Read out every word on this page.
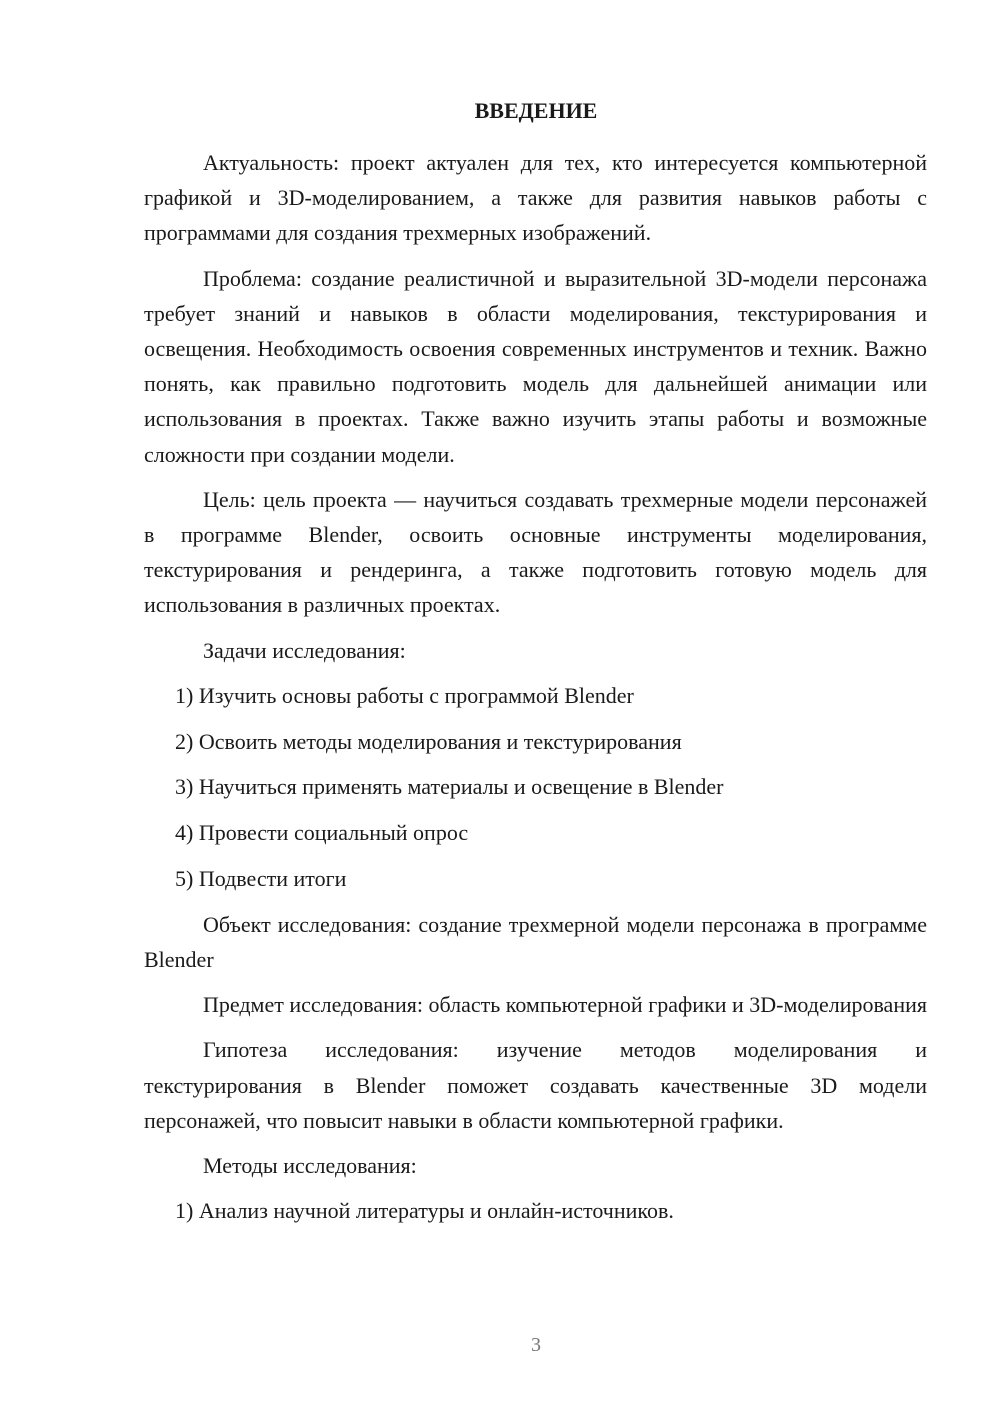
ВВЕДЕНИЕ

Актуальность: проект актуален для тех, кто интересуется компьютерной графикой и 3D-моделированием, а также для развития навыков работы с программами для создания трехмерных изображений.

Проблема: создание реалистичной и выразительной 3D-модели персонажа требует знаний и навыков в области моделирования, текстурирования и освещения. Необходимость освоения современных инструментов и техник. Важно понять, как правильно подготовить модель для дальнейшей анимации или использования в проектах. Также важно изучить этапы работы и возможные сложности при создании модели.

Цель: цель проекта — научиться создавать трехмерные модели персонажей в программе Blender, освоить основные инструменты моделирования, текстурирования и рендеринга, а также подготовить готовую модель для использования в различных проектах.

Задачи исследования:

1) Изучить основы работы с программой Blender
2) Освоить методы моделирования и текстурирования
3) Научиться применять материалы и освещение в Blender
4) Провести социальный опрос
5) Подвести итоги

Объект исследования: создание трехмерной модели персонажа в программе Blender

Предмет исследования: область компьютерной графики и 3D-моделирования

Гипотеза исследования: изучение методов моделирования и текстурирования в Blender поможет создавать качественные 3D модели персонажей, что повысит навыки в области компьютерной графики.

Методы исследования:

1) Анализ научной литературы и онлайн-источников.
3
